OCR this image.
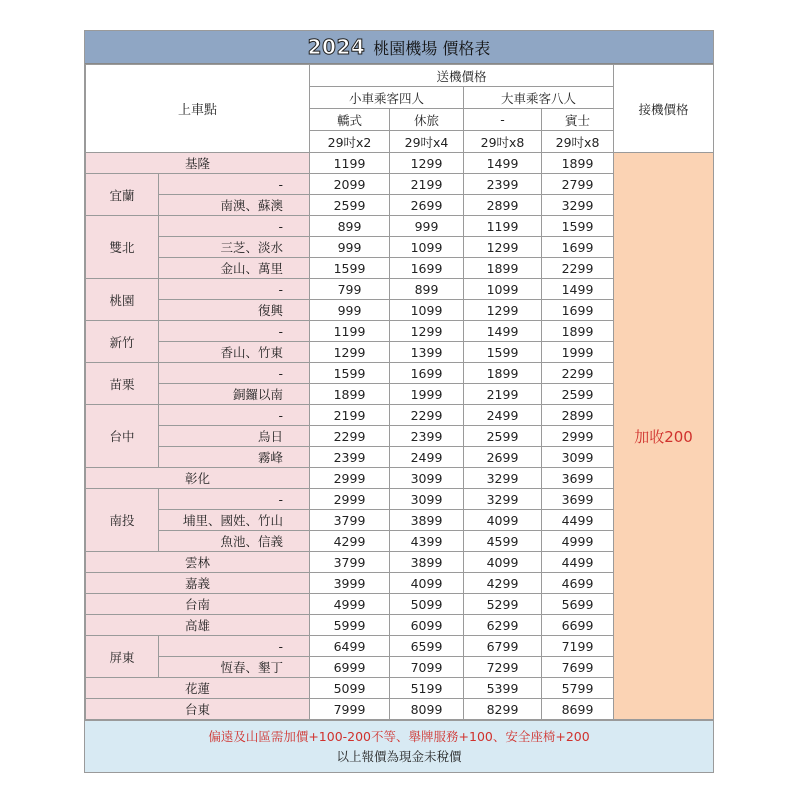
2024 桃園機場 價格表
上車點		送機價格				接機價格
		小車乘客四人		大車乘客八人		
		轎式	休旅	-	賓士	
		29吋x2	29吋x4	29吋x8	29吋x8	
基隆		1199	1299	1499	1899	加收200
宜蘭	-	2099	2199	2399	2799	
	南澳、蘇澳	2599	2699	2899	3299	
雙北	-	899	999	1199	1599	
	三芝、淡水	999	1099	1299	1699	
	金山、萬里	1599	1699	1899	2299	
桃園	-	799	899	1099	1499	
	復興	999	1099	1299	1699	
新竹	-	1199	1299	1499	1899	
	香山、竹東	1299	1399	1599	1999	
苗栗	-	1599	1699	1899	2299	
	銅鑼以南	1899	1999	2199	2599	
台中	-	2199	2299	2499	2899	
	烏日	2299	2399	2599	2999	
	霧峰	2399	2499	2699	3099	
彰化		2999	3099	3299	3699	
南投	-	2999	3099	3299	3699	
	埔里、國姓、竹山	3799	3899	4099	4499	
	魚池、信義	4299	4399	4599	4999	
雲林		3799	3899	4099	4499	
嘉義		3999	4099	4299	4699	
台南		4999	5099	5299	5699	
高雄		5999	6099	6299	6699	
屏東	-	6499	6599	6799	7199	
	恆春、墾丁	6999	7099	7299	7699	
花蓮		5099	5199	5399	5799	
台東		7999	8099	8299	8699	
偏遠及山區需加價+100-200不等、舉牌服務+100、安全座椅+200
以上報價為現金未稅價
